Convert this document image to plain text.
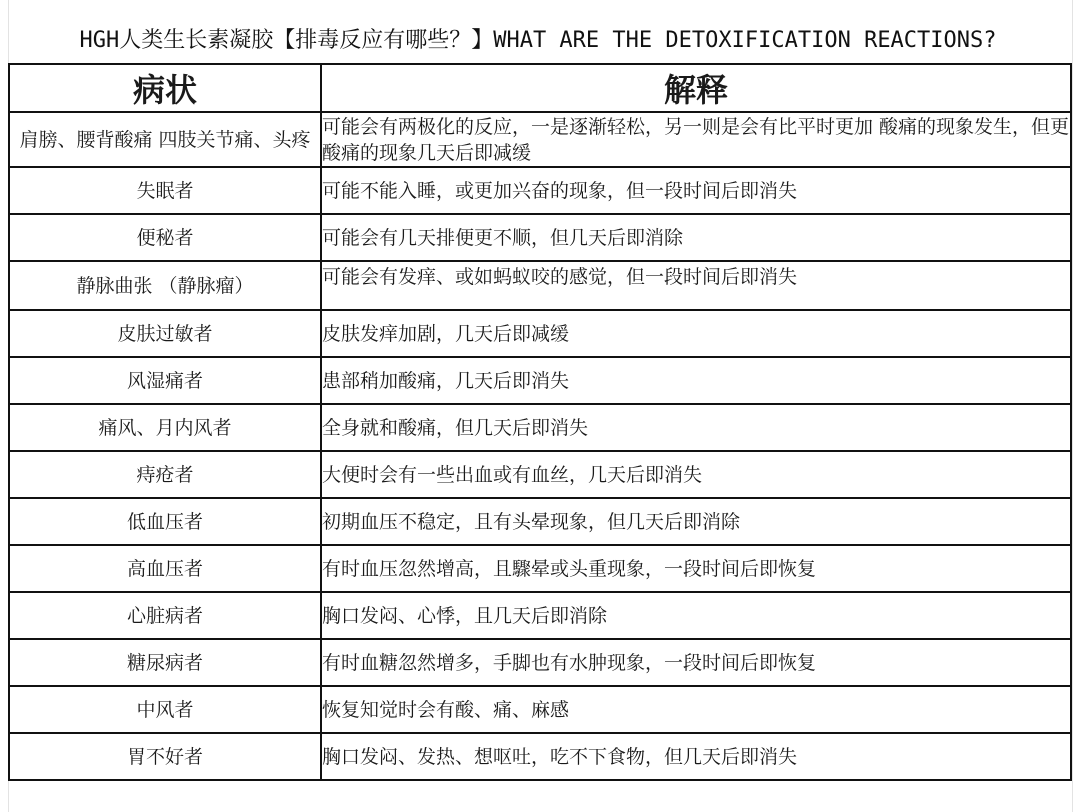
HGH人类生长素凝胶【排毒反应有哪些？】WHAT ARE THE DETOXIFICATION REACTIONS?
病状	解释
肩膀、腰背酸痛 四肢关节痛、头疼	可能会有两极化的反应，一是逐渐轻松，另一则是会有比平时更加 酸痛的现象发生，但更酸痛的现象几天后即减缓
失眠者	可能不能入睡，或更加兴奋的现象，但一段时间后即消失
便秘者	可能会有几天排便更不顺，但几天后即消除
静脉曲张 （静脉瘤）	可能会有发痒、或如蚂蚁咬的感觉，但一段时间后即消失
皮肤过敏者	皮肤发痒加剧，几天后即减缓
风湿痛者	患部稍加酸痛，几天后即消失
痛风、月内风者	全身就和酸痛，但几天后即消失
痔疮者	大便时会有一些出血或有血丝，几天后即消失
低血压者	初期血压不稳定，且有头晕现象，但几天后即消除
高血压者	有时血压忽然增高，且驟晕或头重现象，一段时间后即恢复
心脏病者	胸口发闷、心悸，且几天后即消除
糖尿病者	有时血糖忽然增多，手脚也有水肿现象，一段时间后即恢复
中风者	恢复知觉时会有酸、痛、麻感
胃不好者	胸口发闷、发热、想呕吐，吃不下食物，但几天后即消失
